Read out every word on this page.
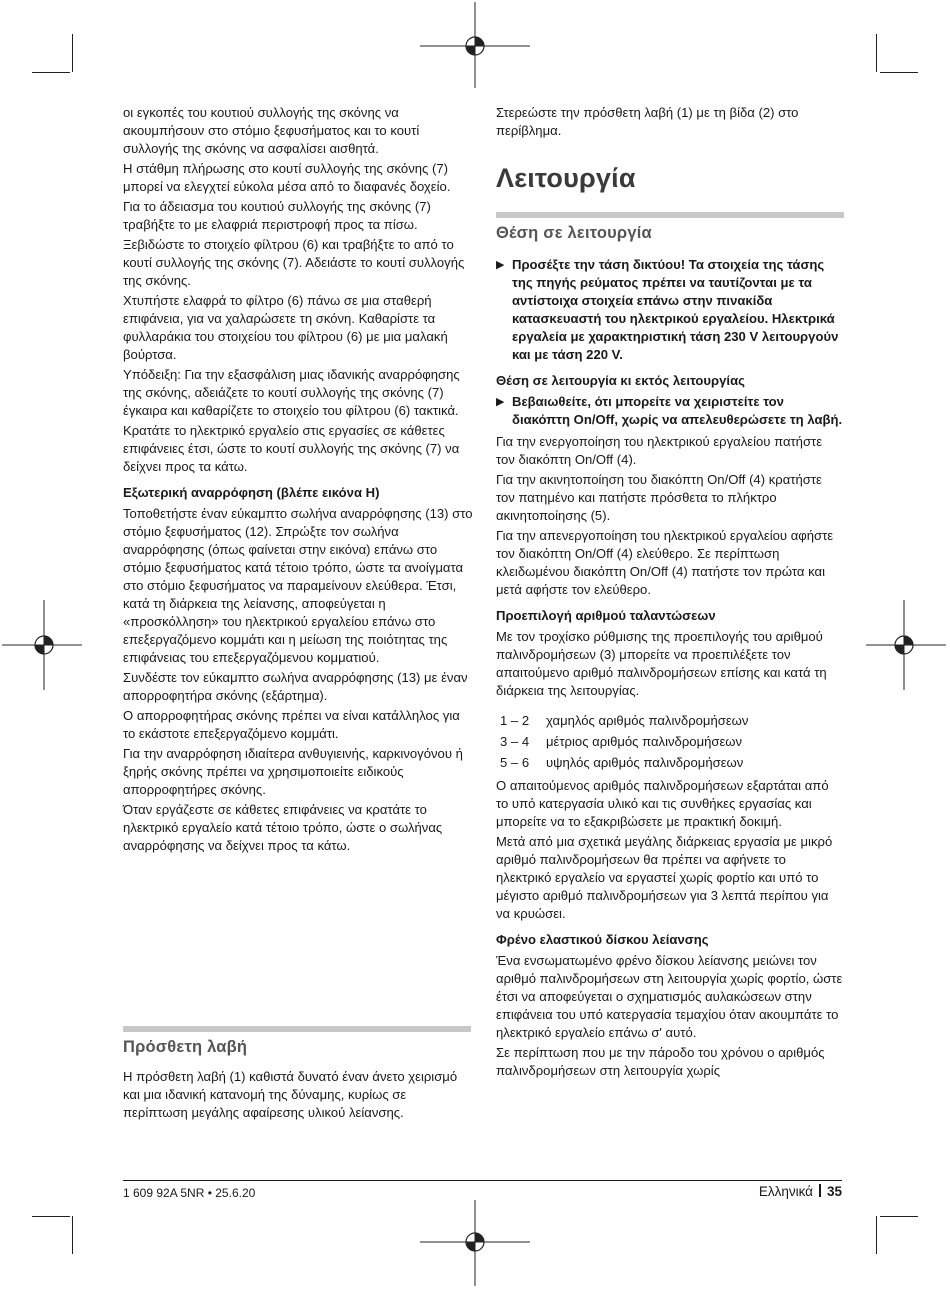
οι εγκοπές του κουτιού συλλογής της σκόνης να ακουμπήσουν στο στόμιο ξεφυσήματος και το κουτί συλλογής της σκόνης να ασφαλίσει αισθητά.

Η στάθμη πλήρωσης στο κουτί συλλογής της σκόνης (7) μπορεί να ελεγχτεί εύκολα μέσα από το διαφανές δοχείο.

Για το άδειασμα του κουτιού συλλογής της σκόνης (7) τραβήξτε το με ελαφριά περιστροφή προς τα πίσω.

Ξεβιδώστε το στοιχείο φίλτρου (6) και τραβήξτε το από το κουτί συλλογής της σκόνης (7). Αδειάστε το κουτί συλλογής της σκόνης.

Χτυπήστε ελαφρά το φίλτρο (6) πάνω σε μια σταθερή επιφάνεια, για να χαλαρώσετε τη σκόνη. Καθαρίστε τα φυλλαράκια του στοιχείου του φίλτρου (6) με μια μαλακή βούρτσα.

Υπόδειξη: Για την εξασφάλιση μιας ιδανικής αναρρόφησης της σκόνης, αδειάζετε το κουτί συλλογής της σκόνης (7) έγκαιρα και καθαρίζετε το στοιχείο του φίλτρου (6) τακτικά.

Κρατάτε το ηλεκτρικό εργαλείο στις εργασίες σε κάθετες επιφάνειες έτσι, ώστε το κουτί συλλογής της σκόνης (7) να δείχνει προς τα κάτω.

Εξωτερική αναρρόφηση (βλέπε εικόνα H)

Τοποθετήστε έναν εύκαμπτο σωλήνα αναρρόφησης (13) στο στόμιο ξεφυσήματος (12). Σπρώξτε τον σωλήνα αναρρόφησης (όπως φαίνεται στην εικόνα) επάνω στο στόμιο ξεφυσήματος κατά τέτοιο τρόπο, ώστε τα ανοίγματα στο στόμιο ξεφυσήματος να παραμείνουν ελεύθερα. Έτσι, κατά τη διάρκεια της λείανσης, αποφεύγεται η «προσκόλληση» του ηλεκτρικού εργαλείου επάνω στο επεξεργαζόμενο κομμάτι και η μείωση της ποιότητας της επιφάνειας του επεξεργαζόμενου κομματιού.

Συνδέστε τον εύκαμπτο σωλήνα αναρρόφησης (13) με έναν απορροφητήρα σκόνης (εξάρτημα).

Ο απορροφητήρας σκόνης πρέπει να είναι κατάλληλος για το εκάστοτε επεξεργαζόμενο κομμάτι.

Για την αναρρόφηση ιδιαίτερα ανθυγιεινής, καρκινογόνου ή ξηρής σκόνης πρέπει να χρησιμοποιείτε ειδικούς απορροφητήρες σκόνης.

Όταν εργάζεστε σε κάθετες επιφάνειες να κρατάτε το ηλεκτρικό εργαλείο κατά τέτοιο τρόπο, ώστε ο σωλήνας αναρρόφησης να δείχνει προς τα κάτω.

Πρόσθετη λαβή
Η πρόσθετη λαβή (1) καθιστά δυνατό έναν άνετο χειρισμό και μια ιδανική κατανομή της δύναμης, κυρίως σε περίπτωση μεγάλης αφαίρεσης υλικού λείανσης.

Στερεώστε την πρόσθετη λαβή (1) με τη βίδα (2) στο περίβλημα.

Λειτουργία
Θέση σε λειτουργία
▶ Προσέξτε την τάση δικτύου! Τα στοιχεία της τάσης της πηγής ρεύματος πρέπει να ταυτίζονται με τα αντίστοιχα στοιχεία επάνω στην πινακίδα κατασκευαστή του ηλεκτρικού εργαλείου. Ηλεκτρικά εργαλεία με χαρακτηριστική τάση 230 V λειτουργούν και με τάση 220 V.
Θέση σε λειτουργία κι εκτός λειτουργίας
▶ Βεβαιωθείτε, ότι μπορείτε να χειριστείτε τον διακόπτη On/Off, χωρίς να απελευθερώσετε τη λαβή.

Για την ενεργοποίηση του ηλεκτρικού εργαλείου πατήστε τον διακόπτη On/Off (4).

Για την ακινητοποίηση του διακόπτη On/Off (4) κρατήστε τον πατημένο και πατήστε πρόσθετα το πλήκτρο ακινητοποίησης (5).

Για την απενεργοποίηση του ηλεκτρικού εργαλείου αφήστε τον διακόπτη On/Off (4) ελεύθερο. Σε περίπτωση κλειδωμένου διακόπτη On/Off (4) πατήστε τον πρώτα και μετά αφήστε τον ελεύθερο.

Προεπιλογή αριθμού ταλαντώσεων

Με τον τροχίσκο ρύθμισης της προεπιλογής του αριθμού παλινδρομήσεων (3) μπορείτε να προεπιλέξετε τον απαιτούμενο αριθμό παλινδρομήσεων επίσης και κατά τη διάρκεια της λειτουργίας.

1 – 2	χαμηλός αριθμός παλινδρομήσεων
3 – 4	μέτριος αριθμός παλινδρομήσεων
5 – 6	υψηλός αριθμός παλινδρομήσεων

Ο απαιτούμενος αριθμός παλινδρομήσεων εξαρτάται από το υπό κατεργασία υλικό και τις συνθήκες εργασίας και μπορείτε να το εξακριβώσετε με πρακτική δοκιμή.

Μετά από μια σχετικά μεγάλης διάρκειας εργασία με μικρό αριθμό παλινδρομήσεων θα πρέπει να αφήνετε το ηλεκτρικό εργαλείο να εργαστεί χωρίς φορτίο και υπό το μέγιστο αριθμό παλινδρομήσεων για 3 λεπτά περίπου για να κρυώσει.

Φρένο ελαστικού δίσκου λείανσης

Ένα ενσωματωμένο φρένο δίσκου λείανσης μειώνει τον αριθμό παλινδρομήσεων στη λειτουργία χωρίς φορτίο, ώστε έτσι να αποφεύγεται ο σχηματισμός αυλακώσεων στην επιφάνεια του υπό κατεργασία τεμαχίου όταν ακουμπάτε το ηλεκτρικό εργαλείο επάνω σ' αυτό.

Σε περίπτωση που με την πάροδο του χρόνου ο αριθμός παλινδρομήσεων στη λειτουργία χωρίς

1 609 92A 5NR • 25.6.20	Ελληνικά 35
